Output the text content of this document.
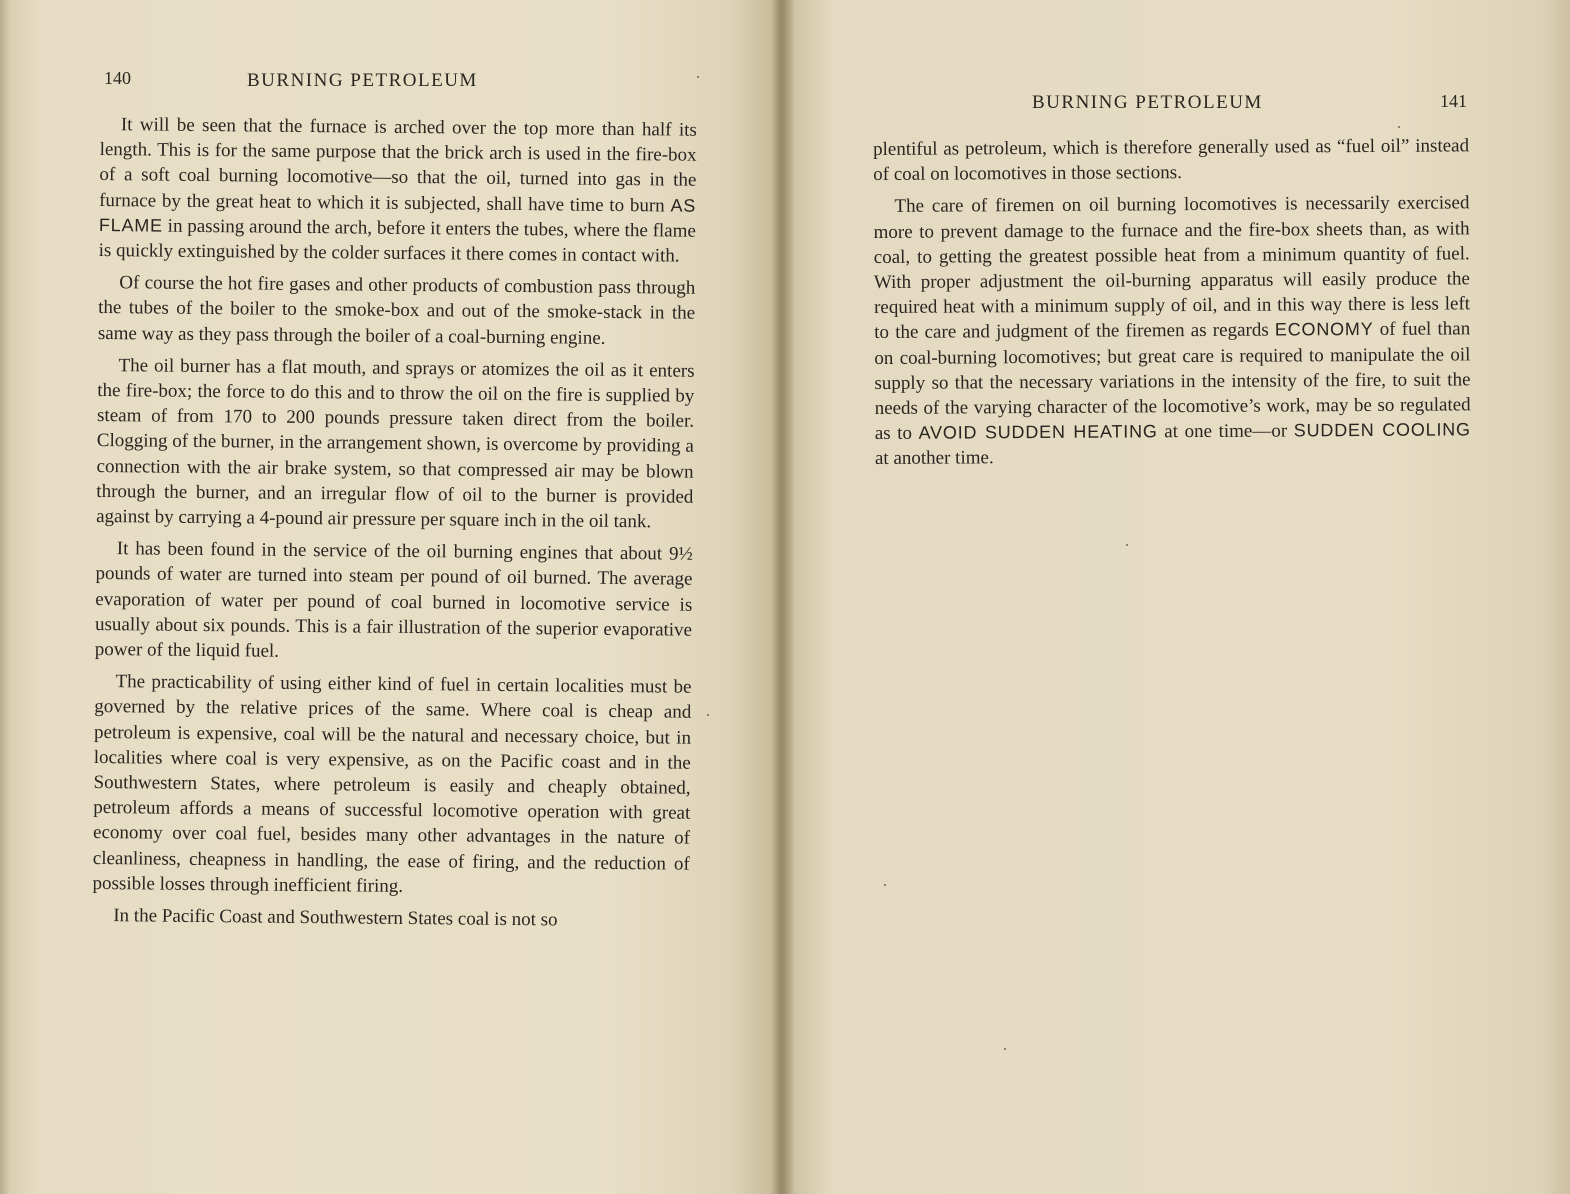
140	BURNING PETROLEUM

It will be seen that the furnace is arched over the top more than half its length. This is for the same purpose that the brick arch is used in the fire-box of a soft coal burning locomotive—so that the oil, turned into gas in the furnace by the great heat to which it is subjected, shall have time to burn AS FLAME in passing around the arch, before it enters the tubes, where the flame is quickly extinguished by the colder surfaces it there comes in contact with.

Of course the hot fire gases and other products of combustion pass through the tubes of the boiler to the smoke-box and out of the smoke-stack in the same way as they pass through the boiler of a coal-burning engine.

The oil burner has a flat mouth, and sprays or atomizes the oil as it enters the fire-box; the force to do this and to throw the oil on the fire is supplied by steam of from 170 to 200 pounds pressure taken direct from the boiler. Clogging of the burner, in the arrangement shown, is overcome by providing a connection with the air brake system, so that compressed air may be blown through the burner, and an irregular flow of oil to the burner is provided against by carrying a 4-pound air pressure per square inch in the oil tank.

It has been found in the service of the oil burning engines that about 9½ pounds of water are turned into steam per pound of oil burned. The average evaporation of water per pound of coal burned in locomotive service is usually about six pounds. This is a fair illustration of the superior evaporative power of the liquid fuel.

The practicability of using either kind of fuel in certain localities must be governed by the relative prices of the same. Where coal is cheap and petroleum is expensive, coal will be the natural and necessary choice, but in localities where coal is very expensive, as on the Pacific coast and in the Southwestern States, where petroleum is easily and cheaply obtained, petroleum affords a means of successful locomotive operation with great economy over coal fuel, besides many other advantages in the nature of cleanliness, cheapness in handling, the ease of firing, and the reduction of possible losses through inefficient firing.

In the Pacific Coast and Southwestern States coal is not so

BURNING PETROLEUM	141

plentiful as petroleum, which is therefore generally used as “fuel oil” instead of coal on locomotives in those sections.

The care of firemen on oil burning locomotives is necessarily exercised more to prevent damage to the furnace and the fire-box sheets than, as with coal, to getting the greatest possible heat from a minimum quantity of fuel. With proper adjustment the oil-burning apparatus will easily produce the required heat with a minimum supply of oil, and in this way there is less left to the care and judgment of the firemen as regards ECONOMY of fuel than on coal-burning locomotives; but great care is required to manipulate the oil supply so that the necessary variations in the intensity of the fire, to suit the needs of the varying character of the locomotive’s work, may be so regulated as to AVOID SUDDEN HEATING at one time—or SUDDEN COOLING at another time.
